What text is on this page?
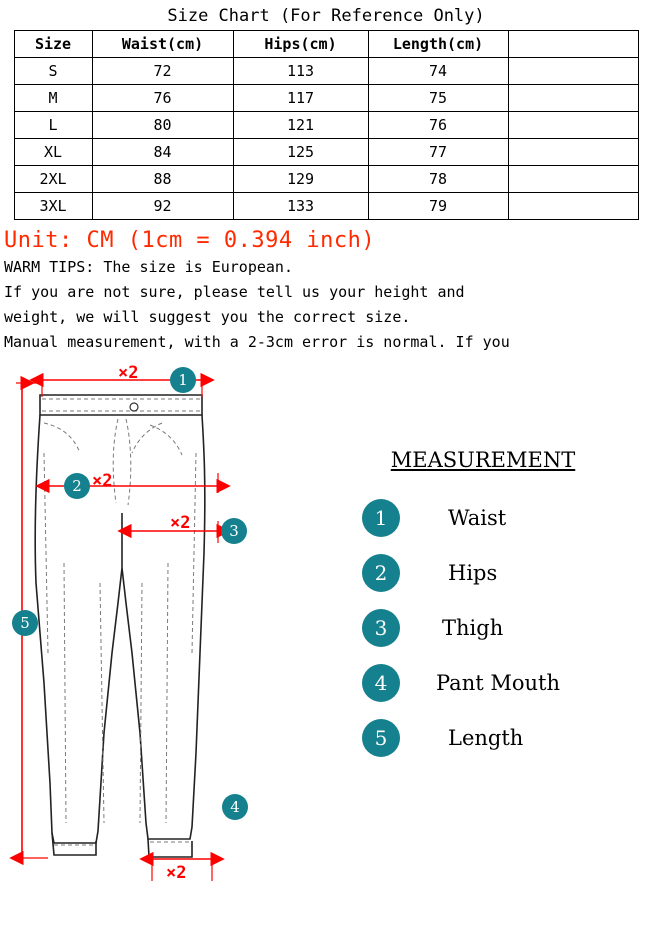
Size Chart (For Reference Only)
Size	Waist(cm)	Hips(cm)	Length(cm)	
S	72	113	74	
M	76	117	75	
L	80	121	76	
XL	84	125	77	
2XL	88	129	78	
3XL	92	133	79	
Unit: CM (1cm = 0.394 inch)
WARM TIPS: The size is European.
If you are not sure, please tell us your height and
weight, we will suggest you the correct size.
Manual measurement, with a 2-3cm error is normal. If you
1
2
3
4
5
×2
×2
×2
×2
MEASUREMENT
1	Waist
2	Hips
3	Thigh
4	Pant Mouth
5	Length
